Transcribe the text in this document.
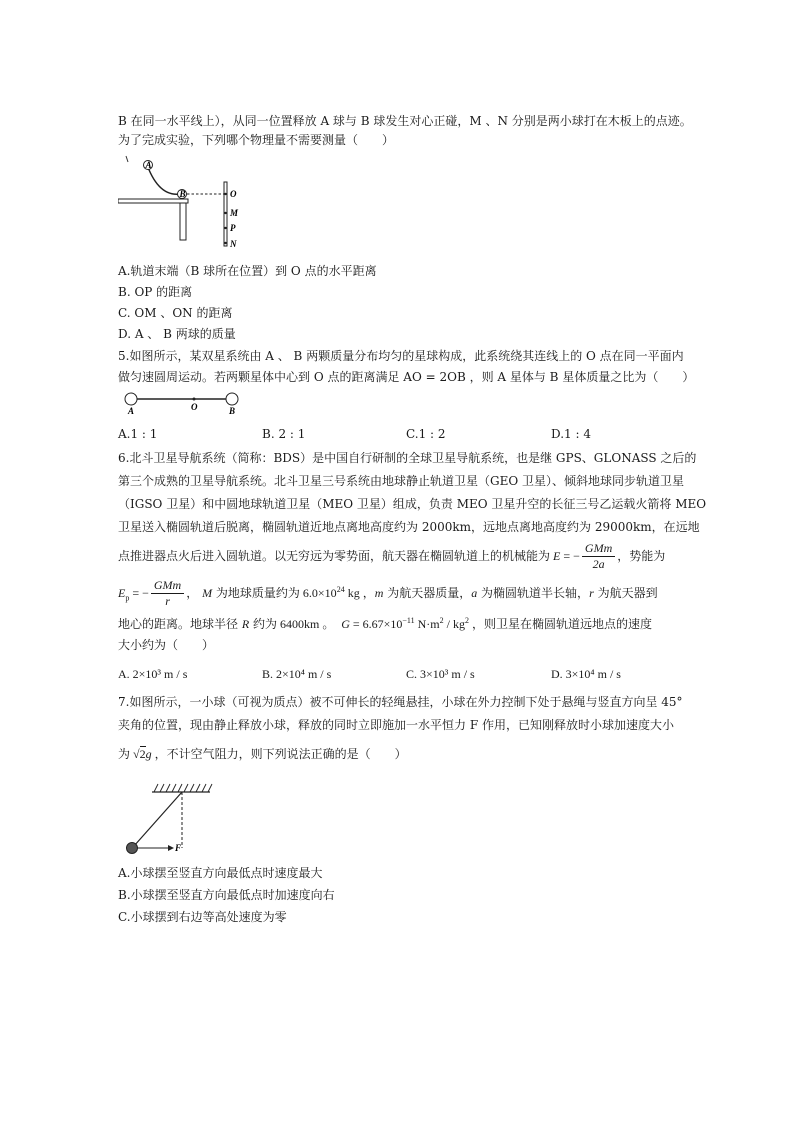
B 在同一水平线上），从同一位置释放 A 球与 B 球发生对心正碰，M 、N 分别是两小球打在木板上的点迹。
为了完成实验，下列哪个物理量不需要测量（　　）
A
B	O
M
P
N
A.轨道末端（B 球所在位置）到 O 点的水平距离
B. OP 的距离
C. OM 、ON 的距离
D. A 、 B 两球的质量
5.如图所示，某双星系统由 A 、 B 两颗质量分布均匀的星球构成，此系统绕其连线上的 O 点在同一平面内
做匀速圆周运动。若两颗星体中心到 O 点的距离满足 AO = 2OB ，则 A 星体与 B 星体质量之比为（　　）
A	O	B
A.1 : 1	B. 2 : 1	C.1 : 2	D.1 : 4
6.北斗卫星导航系统（简称：BDS）是中国自行研制的全球卫星导航系统，也是继 GPS、GLONASS 之后的
第三个成熟的卫星导航系统。北斗卫星三号系统由地球静止轨道卫星（GEO 卫星）、倾斜地球同步轨道卫星
（IGSO 卫星）和中圆地球轨道卫星（MEO 卫星）组成，负责 MEO 卫星升空的长征三号乙运载火箭将 MEO
卫星送入椭圆轨道后脱离，椭圆轨道近地点离地高度约为 2000km，远地点离地高度约为 29000km，在远地
点推进器点火后进入圆轨道。以无穷远为零势面，航天器在椭圆轨道上的机械能为 E = − $\frac{\text{GMm}}{2a}$ ，势能为
$E_p$ = − $\frac{\text{GMm}}{r}$ ， M 为地球质量约为 $6.0\times 10^{24}$ kg ，m 为航天器质量，a 为椭圆轨道半长轴，r 为航天器到
地心的距离。地球半径 R 约为 6400km 。 $G = 6.67\times 10^{-11}$ $N\cdot m^2 / kg^2$ ，则卫星在椭圆轨道远地点的速度
大小约为（　　）
A. 2×10³ m / s	B. 2×10⁴ m / s	C. 3×10³ m / s	D. 3×10⁴ m / s
7.如图所示，一小球（可视为质点）被不可伸长的轻绳悬挂，小球在外力控制下处于悬绳与竖直方向呈 45°
夹角的位置，现由静止释放小球，释放的同时立即施加一水平恒力 F 作用，已知刚释放时小球加速度大小
为 √2g ，不计空气阻力，则下列说法正确的是（　　）
F
A.小球摆至竖直方向最低点时速度最大
B.小球摆至竖直方向最低点时加速度向右
C.小球摆到右边等高处速度为零
